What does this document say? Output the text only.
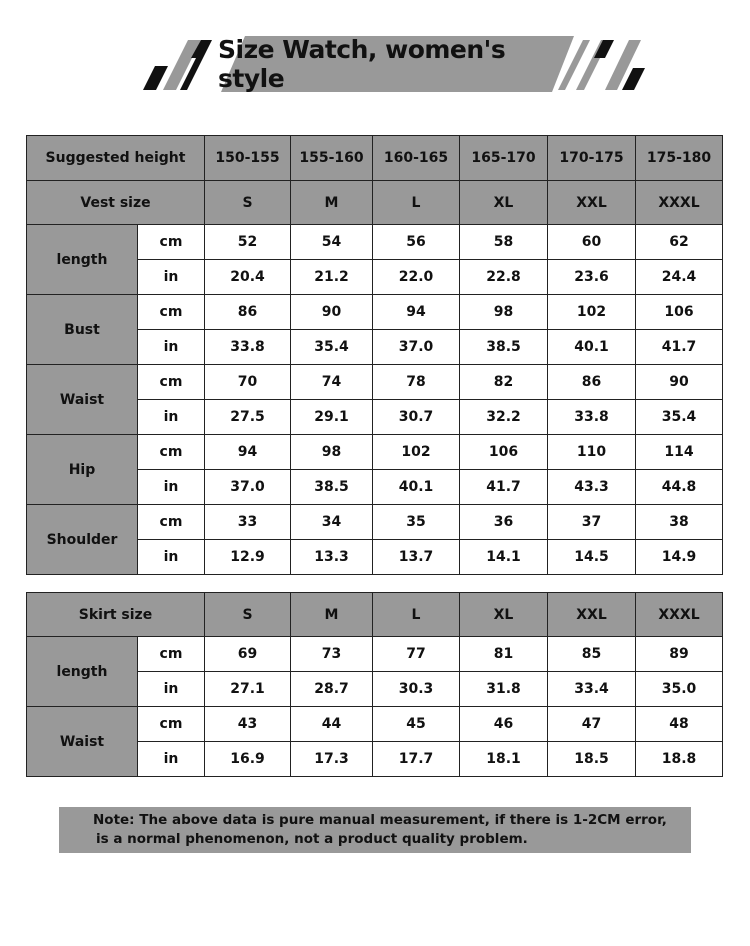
Size Watch, women's style
Suggested height		150-155	155-160	160-165	165-170	170-175	175-180
Vest size		S	M	L	XL	XXL	XXXL
length	cm	52	54	56	58	60	62
	in	20.4	21.2	22.0	22.8	23.6	24.4
Bust	cm	86	90	94	98	102	106
	in	33.8	35.4	37.0	38.5	40.1	41.7
Waist	cm	70	74	78	82	86	90
	in	27.5	29.1	30.7	32.2	33.8	35.4
Hip	cm	94	98	102	106	110	114
	in	37.0	38.5	40.1	41.7	43.3	44.8
Shoulder	cm	33	34	35	36	37	38
	in	12.9	13.3	13.7	14.1	14.5	14.9
Skirt size		S	M	L	XL	XXL	XXXL
length	cm	69	73	77	81	85	89
	in	27.1	28.7	30.3	31.8	33.4	35.0
Waist	cm	43	44	45	46	47	48
	in	16.9	17.3	17.7	18.1	18.5	18.8
Note: The above data is pure manual measurement, if there is 1-2CM error,
is a normal phenomenon, not a product quality problem.
